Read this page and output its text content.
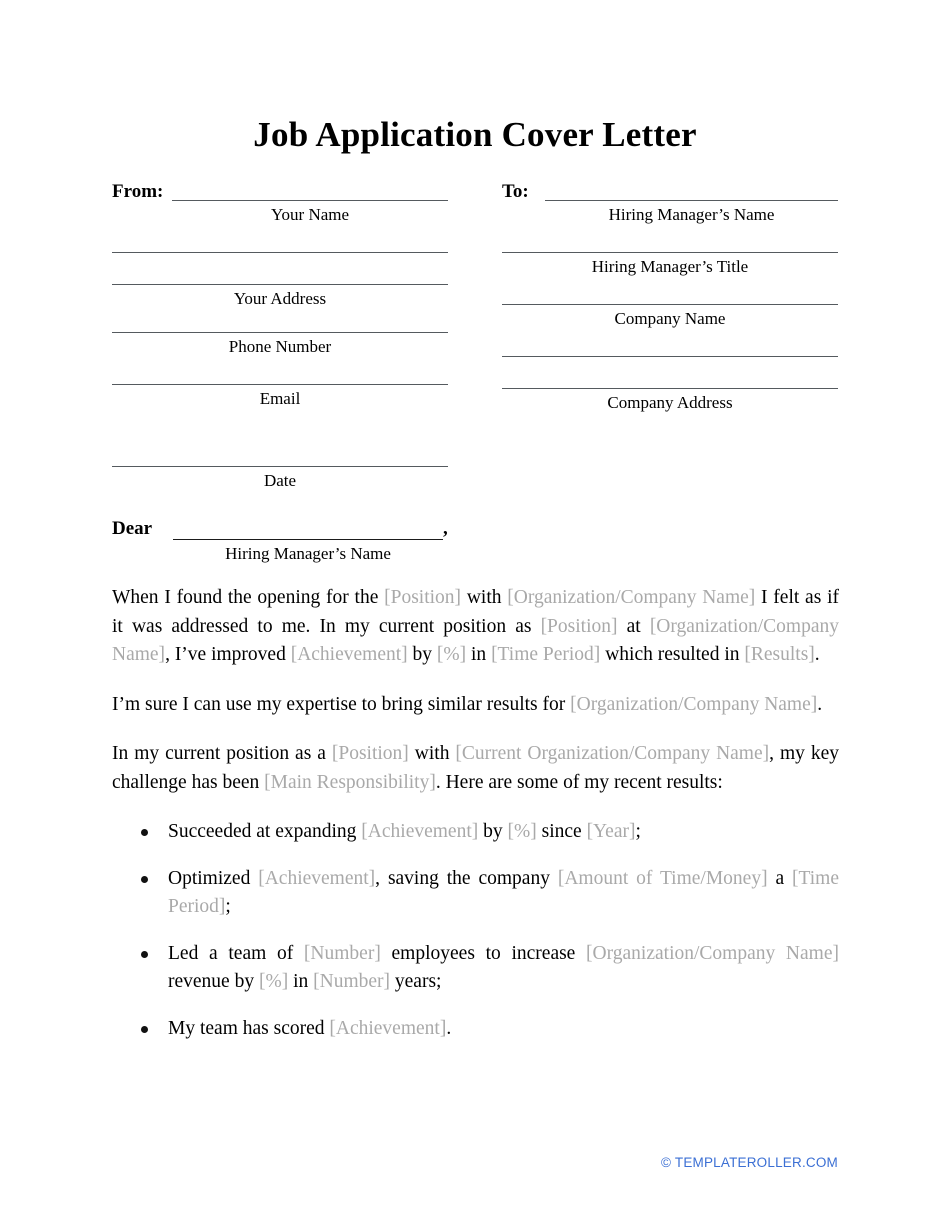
Job Application Cover Letter
From:
Your Name
Your Address
Phone Number
Email
Date
To:
Hiring Manager’s Name
Hiring Manager’s Title
Company Name
Company Address
Dear	,
Hiring Manager’s Name

When I found the opening for the [Position] with [Organization/Company Name] I felt as if it was addressed to me. In my current position as [Position] at [Organization/Company Name], I’ve improved [Achievement] by [%] in [Time Period] which resulted in [Results].

I’m sure I can use my expertise to bring similar results for [Organization/Company Name].

In my current position as a [Position] with [Current Organization/Company Name], my key challenge has been [Main Responsibility]. Here are some of my recent results:

Succeeded at expanding [Achievement] by [%] since [Year];
Optimized [Achievement], saving the company [Amount of Time/Money] a [Time Period];
Led a team of [Number] employees to increase [Organization/Company Name] revenue by [%] in [Number] years;
My team has scored [Achievement].
© TEMPLATEROLLER.COM
